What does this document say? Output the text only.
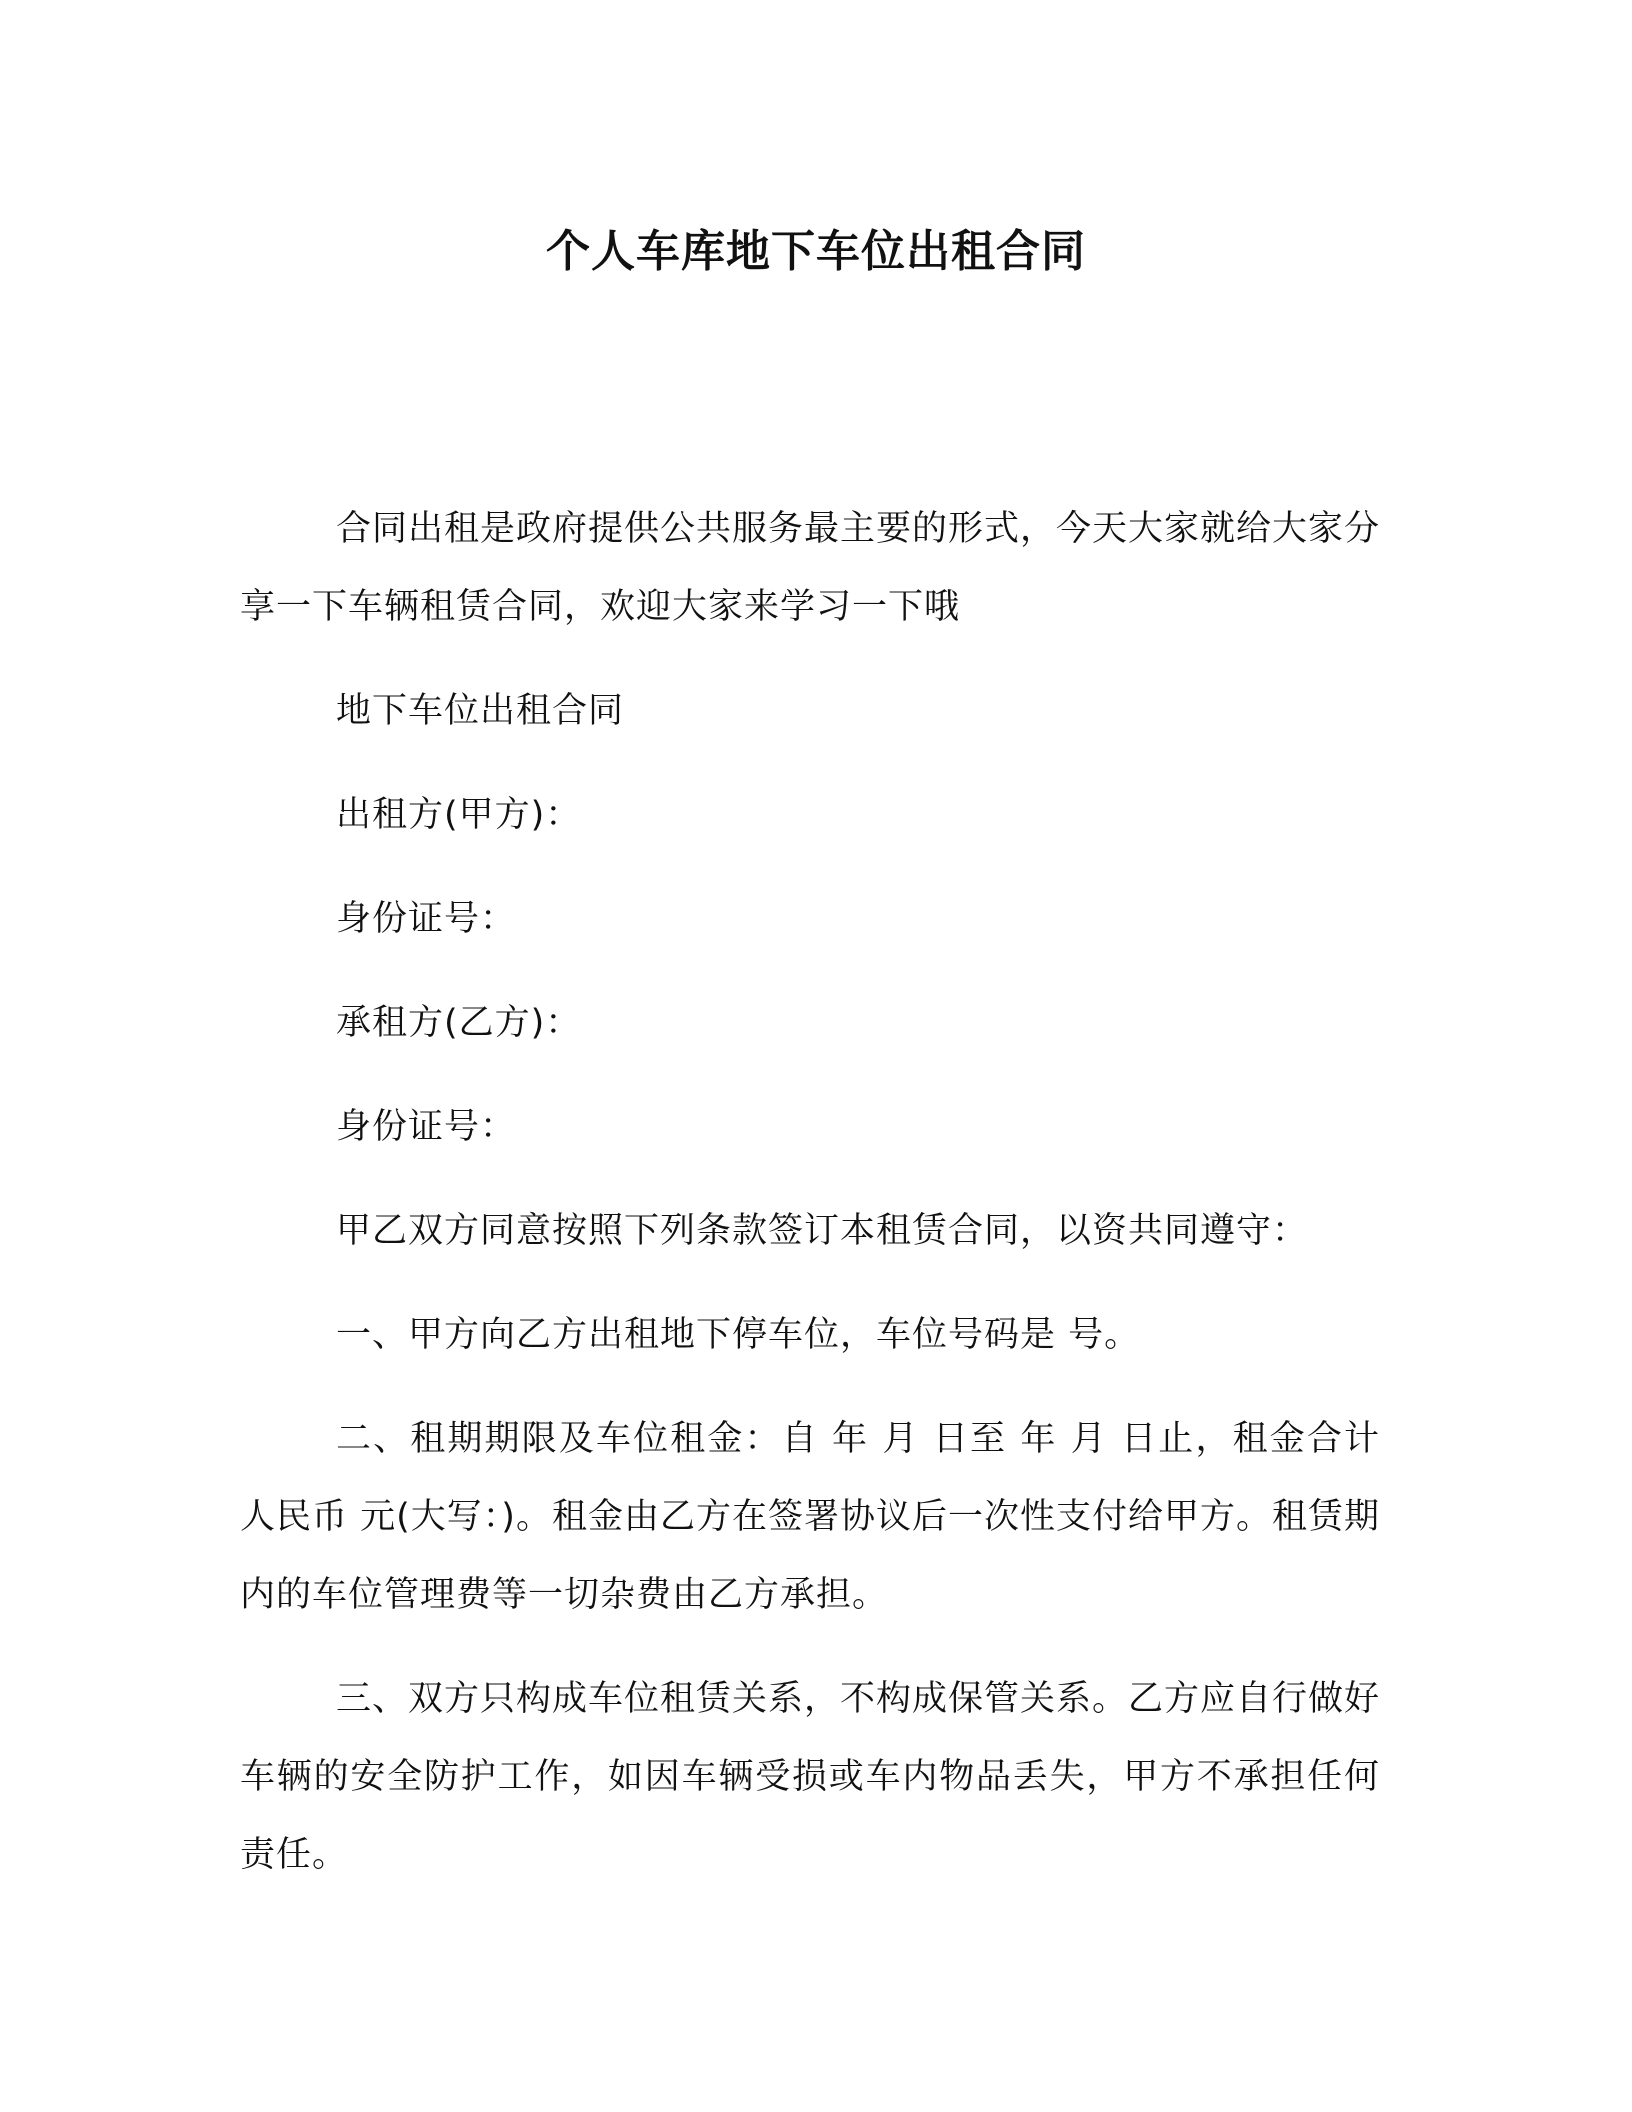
个人车库地下车位出租合同

合同出租是政府提供公共服务最主要的形式，今天大家就给大家分享一下车辆租赁合同，欢迎大家来学习一下哦

地下车位出租合同

出租方(甲方)：

身份证号：

承租方(乙方)：

身份证号：

甲乙双方同意按照下列条款签订本租赁合同，以资共同遵守：

一、甲方向乙方出租地下停车位，车位号码是 号。

二、租期期限及车位租金：自 年 月 日至 年 月 日止，租金合计人民币 元(大写：)。租金由乙方在签署协议后一次性支付给甲方。租赁期内的车位管理费等一切杂费由乙方承担。

三、双方只构成车位租赁关系，不构成保管关系。乙方应自行做好车辆的安全防护工作，如因车辆受损或车内物品丢失，甲方不承担任何责任。
